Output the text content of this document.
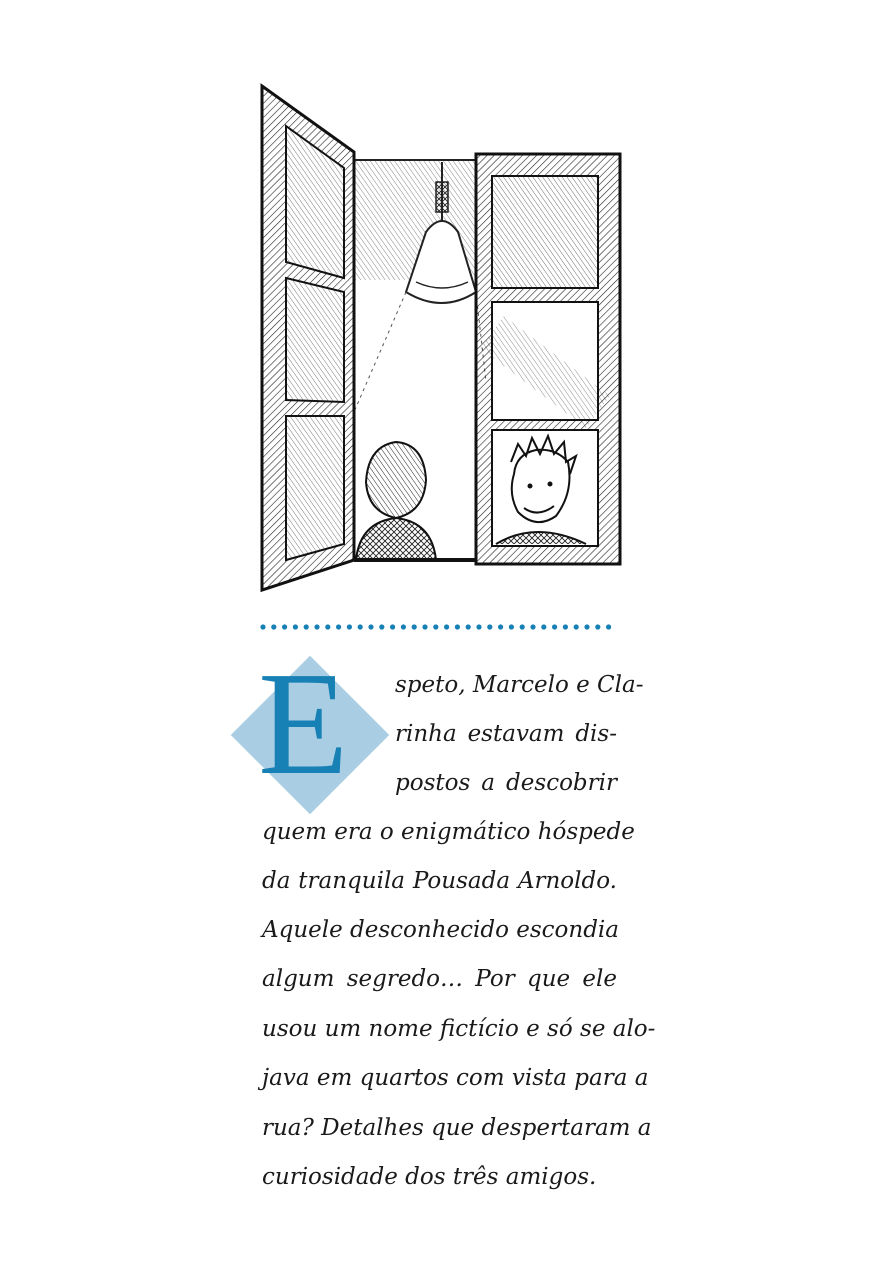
E	speto, Marcelo e Cla-
rinha estavam dis-
postos a descobrir
quem era o enigmático hóspede
da tranquila Pousada Arnoldo.
Aquele desconhecido escondia
algum segredo… Por que ele
usou um nome fictício e só se alo-
java em quartos com vista para a
rua? Detalhes que despertaram a
curiosidade dos três amigos.
